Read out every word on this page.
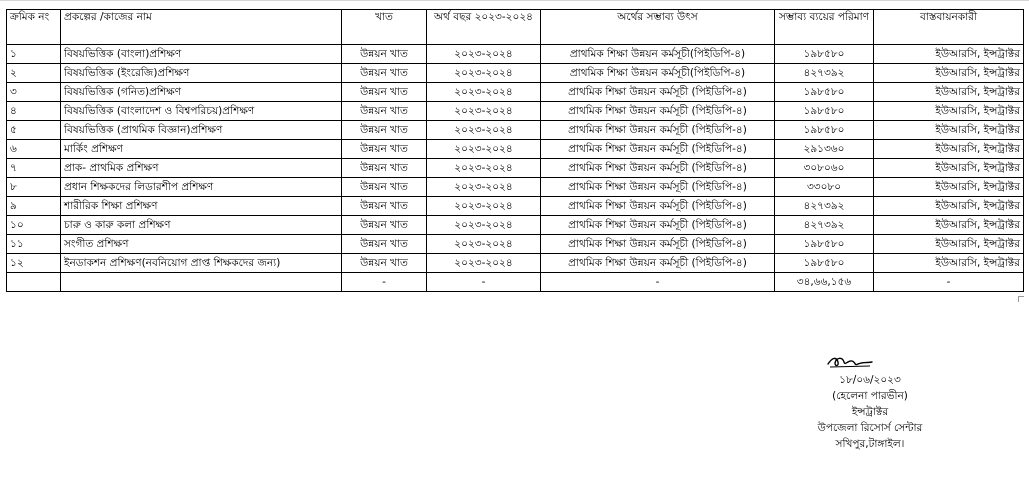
ক্রমিক নং	প্রকল্পের /কাজের নাম	খাত	অর্থ বছর ২০২৩-২০২৪	অর্থের সম্ভাব্য উৎস	সম্ভাব্য ব্যয়ের পরিমাণ	বাস্তবায়নকারী
১	বিষয়ভিত্তিক (বাংলা)প্রশিক্ষণ	উন্নয়ন খাত	২০২৩-২০২৪	প্রাথমিক শিক্ষা উন্নয়ন কর্মসূচী(পিইডিপি-৪)	১৯৮৫৮০	ইউআরসি, ইন্সট্রাক্টর
২	বিষয়ভিত্তিক (ইংরেজি)প্রশিক্ষণ	উন্নয়ন খাত	২০২৩-২০২৪	প্রাথমিক শিক্ষা উন্নয়ন কর্মসূচী(পিইডিপি-৪)	৪২৭৩৯২	ইউআরসি, ইন্সট্রাক্টর
৩	বিষয়ভিত্তিক (গনিত)প্রশিক্ষণ	উন্নয়ন খাত	২০২৩-২০২৪	প্রাথমিক শিক্ষা উন্নয়ন কর্মসূচী (পিইডিপি-৪)	১৯৮৫৮০	ইউআরসি, ইন্সট্রাক্টর
৪	বিষয়ভিত্তিক (বাংলাদেশ ও বিশ্বপরিচয়)প্রশিক্ষণ	উন্নয়ন খাত	২০২৩-২০২৪	প্রাথমিক শিক্ষা উন্নয়ন কর্মসূচী (পিইডিপি-৪)	১৯৮৫৮০	ইউআরসি, ইন্সট্রাক্টর
৫	বিষয়ভিত্তিক (প্রাথমিক বিজ্ঞান)প্রশিক্ষণ	উন্নয়ন খাত	২০২৩-২০২৪	প্রাথমিক শিক্ষা উন্নয়ন কর্মসূচী (পিইডিপি-৪)	১৯৮৫৮০	ইউআরসি, ইন্সট্রাক্টর
৬	মার্কিং প্রশিক্ষণ	উন্নয়ন খাত	২০২৩-২০২৪	প্রাথমিক শিক্ষা উন্নয়ন কর্মসূচী (পিইডিপি-৪)	২৯১৩৬০	ইউআরসি, ইন্সট্রাক্টর
৭	প্রাক- প্রাথমিক প্রশিক্ষণ	উন্নয়ন খাত	২০২৩-২০২৪	প্রাথমিক শিক্ষা উন্নয়ন কর্মসূচী (পিইডিপি-৪)	৩০৮০৬০	ইউআরসি, ইন্সট্রাক্টর
৮	প্রধান শিক্ষকদের লিডারশীপ প্রশিক্ষণ	উন্নয়ন খাত	২০২৩-২০২৪	প্রাথমিক শিক্ষা উন্নয়ন কর্মসূচী (পিইডিপি-৪)	৩৩০৮০	ইউআরসি, ইন্সট্রাক্টর
৯	শারীরিক শিক্ষা প্রশিক্ষণ	উন্নয়ন খাত	২০২৩-২০২৪	প্রাথমিক শিক্ষা উন্নয়ন কর্মসূচী (পিইডিপি-৪)	৪২৭৩৯২	ইউআরসি, ইন্সট্রাক্টর
১০	চারু ও কারু কলা প্রশিক্ষণ	উন্নয়ন খাত	২০২৩-২০২৪	প্রাথমিক শিক্ষা উন্নয়ন কর্মসূচী (পিইডিপি-৪)	৪২৭৩৯২	ইউআরসি, ইন্সট্রাক্টর
১১	সংগীত প্রশিক্ষণ	উন্নয়ন খাত	২০২৩-২০২৪	প্রাথমিক শিক্ষা উন্নয়ন কর্মসূচী (পিইডিপি-৪)	১৯৮৫৮০	ইউআরসি, ইন্সট্রাক্টর
১২	ইনডাকশন প্রশিক্ষণ(নবনিয়োগ প্রাপ্ত শিক্ষকদের জন্য)	উন্নয়ন খাত	২০২৩-২০২৪	প্রাথমিক শিক্ষা উন্নয়ন কর্মসূচী (পিইডিপি-৪)	১৯৮৫৮০	ইউআরসি, ইন্সট্রাক্টর
		-	-	-	৩৪,৬৬,১৫৬	-
১৮/০৬/২০২৩
(হেলেনা পারভীন)
ইন্সট্রাক্টর
উপজেলা রিসোর্স সেন্টার
সখিপুর,টাঙ্গাইল।
